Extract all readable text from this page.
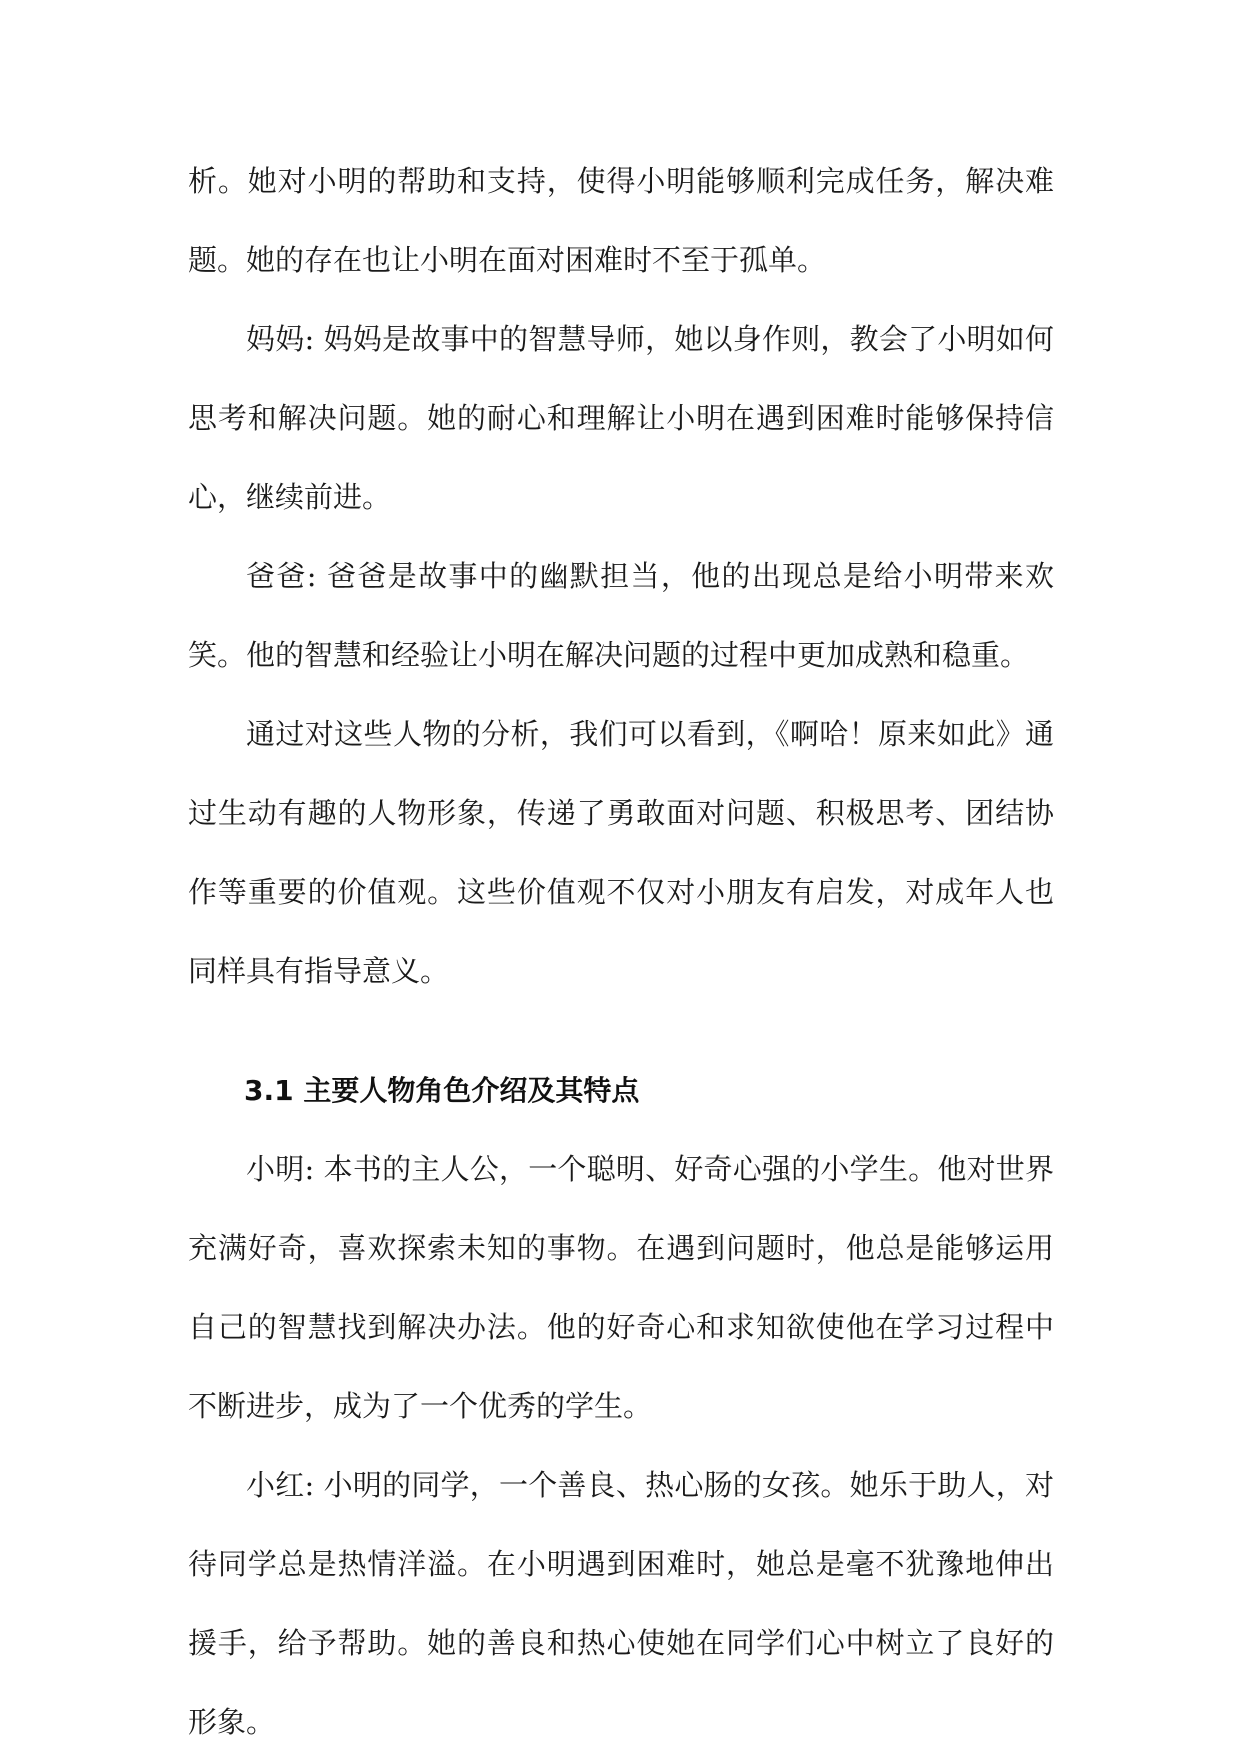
析。她对小明的帮助和支持，使得小明能够顺利完成任务，解决难题。她的存在也让小明在面对困难时不至于孤单。

妈妈: 妈妈是故事中的智慧导师，她以身作则，教会了小明如何思考和解决问题。她的耐心和理解让小明在遇到困难时能够保持信心，继续前进。

爸爸: 爸爸是故事中的幽默担当，他的出现总是给小明带来欢笑。他的智慧和经验让小明在解决问题的过程中更加成熟和稳重。

通过对这些人物的分析，我们可以看到，《啊哈！原来如此》通过生动有趣的人物形象，传递了勇敢面对问题、积极思考、团结协作等重要的价值观。这些价值观不仅对小朋友有启发，对成年人也同样具有指导意义。

3.1 主要人物角色介绍及其特点

小明: 本书的主人公，一个聪明、好奇心强的小学生。他对世界充满好奇，喜欢探索未知的事物。在遇到问题时，他总是能够运用自己的智慧找到解决办法。他的好奇心和求知欲使他在学习过程中不断进步，成为了一个优秀的学生。

小红: 小明的同学，一个善良、热心肠的女孩。她乐于助人，对待同学总是热情洋溢。在小明遇到困难时，她总是毫不犹豫地伸出援手，给予帮助。她的善良和热心使她在同学们心中树立了良好的形象。
